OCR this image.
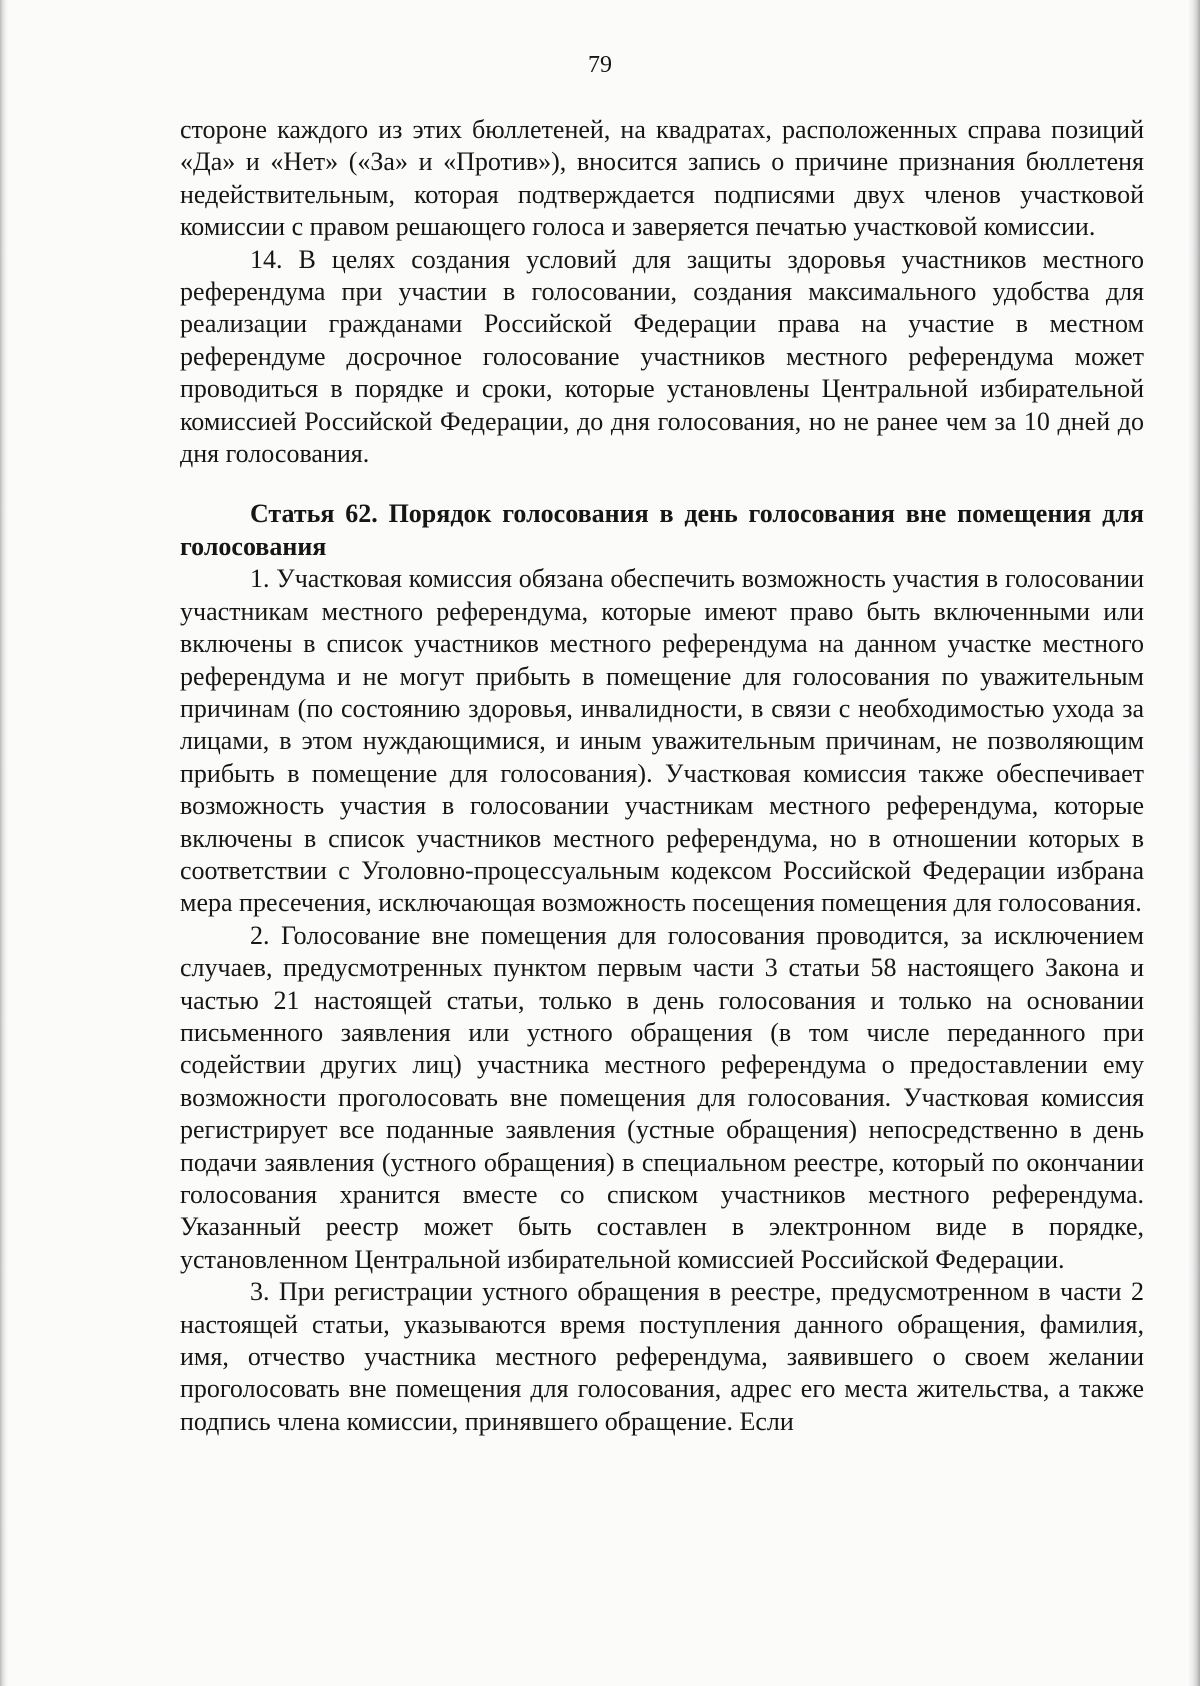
79

стороне каждого из этих бюллетеней, на квадратах, расположенных справа позиций «Да» и «Нет» («За» и «Против»), вносится запись о причине признания бюллетеня недействительным, которая подтверждается подписями двух членов участковой комиссии с правом решающего голоса и заверяется печатью участковой комиссии.

14. В целях создания условий для защиты здоровья участников местного референдума при участии в голосовании, создания максимального удобства для реализации гражданами Российской Федерации права на участие в местном референдуме досрочное голосование участников местного референдума может проводиться в порядке и сроки, которые установлены Центральной избирательной комиссией Российской Федерации, до дня голосования, но не ранее чем за 10 дней до дня голосования.

Статья 62. Порядок голосования в день голосования вне помещения для голосования

1. Участковая комиссия обязана обеспечить возможность участия в голосовании участникам местного референдума, которые имеют право быть включенными или включены в список участников местного референдума на данном участке местного референдума и не могут прибыть в помещение для голосования по уважительным причинам (по состоянию здоровья, инвалидности, в связи с необходимостью ухода за лицами, в этом нуждающимися, и иным уважительным причинам, не позволяющим прибыть в помещение для голосования). Участковая комиссия также обеспечивает возможность участия в голосовании участникам местного референдума, которые включены в список участников местного референдума, но в отношении которых в соответствии с Уголовно-процессуальным кодексом Российской Федерации избрана мера пресечения, исключающая возможность посещения помещения для голосования.

2. Голосование вне помещения для голосования проводится, за исключением случаев, предусмотренных пунктом первым части 3 статьи 58 настоящего Закона и частью 21 настоящей статьи, только в день голосования и только на основании письменного заявления или устного обращения (в том числе переданного при содействии других лиц) участника местного референдума о предоставлении ему возможности проголосовать вне помещения для голосования. Участковая комиссия регистрирует все поданные заявления (устные обращения) непосредственно в день подачи заявления (устного обращения) в специальном реестре, который по окончании голосования хранится вместе со списком участников местного референдума. Указанный реестр может быть составлен в электронном виде в порядке, установленном Центральной избирательной комиссией Российской Федерации.

3. При регистрации устного обращения в реестре, предусмотренном в части 2 настоящей статьи, указываются время поступления данного обращения, фамилия, имя, отчество участника местного референдума, заявившего о своем желании проголосовать вне помещения для голосования, адрес его места жительства, а также подпись члена комиссии, принявшего обращение. Если
